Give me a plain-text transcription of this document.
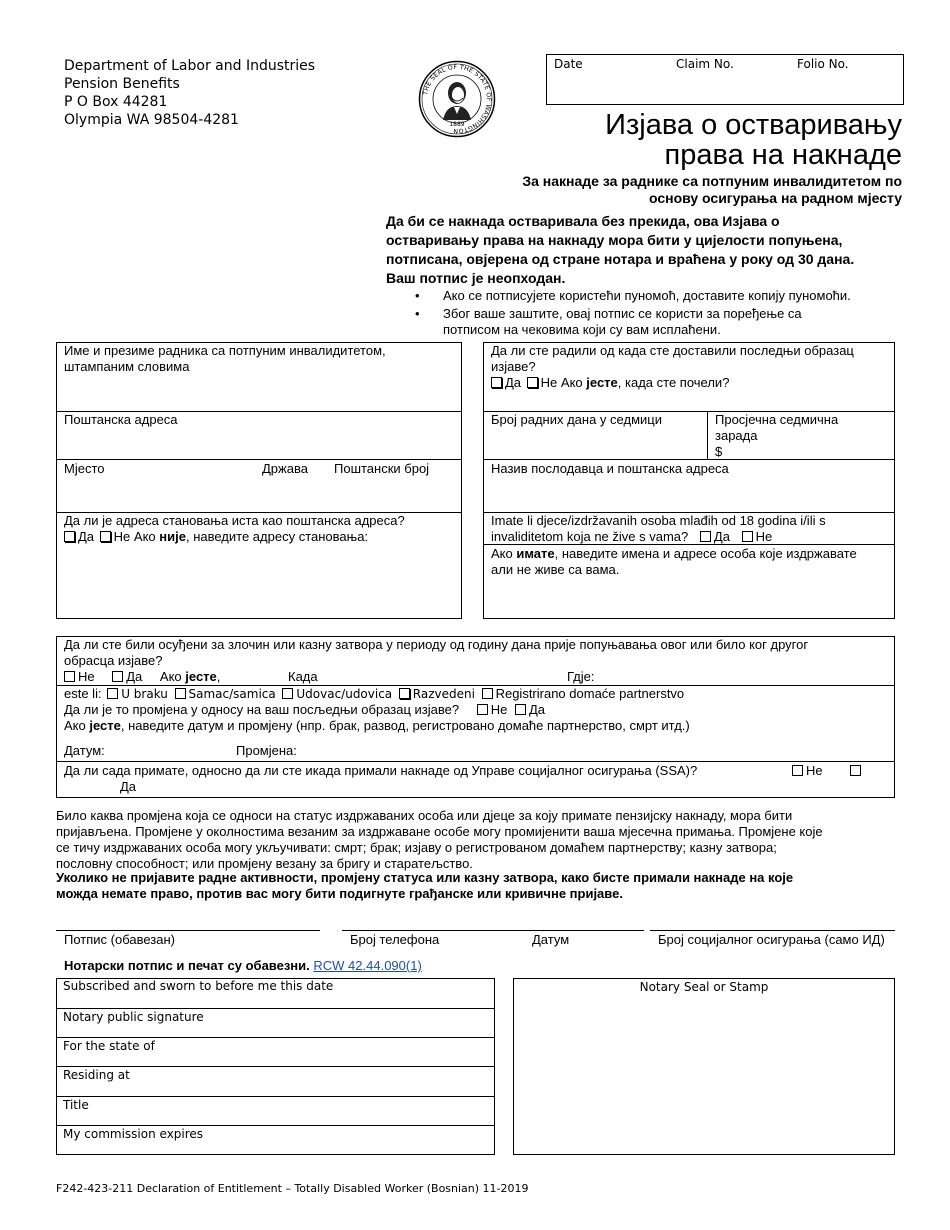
Department of Labor and Industries
Pension Benefits
P O Box 44281
Olympia WA 98504-4281
THE SEAL OF THE STATE OF WASHINGTON
1889
Date	Claim No.	Folio No.
Изјава о остваривању
права на накнаде
За накнаде за раднике са потпуним инвалидитетом по
основу осигурања на радном мјесту
Да би се накнада остваривала без прекида, ова Изјава о
остваривању права на накнаду мора бити у цијелости попуњена,
потписана, овјерена од стране нотара и враћена у року од 30 дана.
Ваш потпис је неопходан.
• Ако се потписујете користећи пуномоћ, доставите копију пуномоћи.
• Због ваше заштите, овај потпис се користи за поређење са
потписом на чековима који су вам исплаћени.
Име и презиме радника са потпуним инвалидитетом,
штампаним словима
Поштанска адреса
Мјесто	Држава Поштански број
Да ли је адреса становања иста као поштанска адреса?
Да Не Ако није, наведите адресу становања:
Да ли сте радили од када сте доставили последњи образац
изјаве?
Да Не Ако јесте, када сте почели?
Број радних дана у седмици	Просјечна седмична
зарада
$
Назив послодавца и поштанска адреса
Imate li djece/izdržavanih osoba mlađih od 18 godina i/ili s
invaliditetom koja ne žive s vama? Да Не
Ако имате, наведите имена и адресе особа које издржавате
али не живе са вама.
Да ли сте били осуђени за злочин или казну затвора у периоду од годину дана прије попуњавања овог или било ког другог
обрасца изјаве?
Не Да Ако јесте,	Када	Гдје:
este li: U braku Samac/samica Udovac/udovica Razvedeni Registrirano domaće partnerstvo
Да ли је то промјена у односу на ваш посљедњи образац изјаве? Не Да
Ако јесте, наведите датум и промјену (нпр. брак, развод, регистровано домаће партнерство, смрт итд.)
Датум:	Промјена:
Да ли сада примате, односно да ли сте икада примали накнаде од Управе социјалног осигурања (SSA)?	Не
Да
Било каква промјена која се односи на статус издржаваних особа или дјеце за коју примате пензијску накнаду, мора бити
пријављена. Промјене у околностима везаним за издржаване особе могу промијенити ваша мјесечна примања. Промјене које
се тичу издржаваних особа могу укључивати: смрт; брак; изјаву о регистрованом домаћем партнерству; казну затвора;
пословну способност; или промјену везану за бригу и старатељство.
Уколико не пријавите радне активности, промјену статуса или казну затвора, како бисте примали накнаде на које
можда немате право, против вас могу бити подигнуте грађанске или кривичне пријаве.
Потпис (обавезан)	Број телефона	Датум	Број социјалног осигурања (само ИД)
Нотарски потпис и печат су обавезни. RCW 42.44.090(1)
Subscribed and sworn to before me this date
Notary public signature
For the state of
Residing at
Title
My commission expires
Notary Seal or Stamp
F242-423-211 Declaration of Entitlement – Totally Disabled Worker (Bosnian) 11-2019
